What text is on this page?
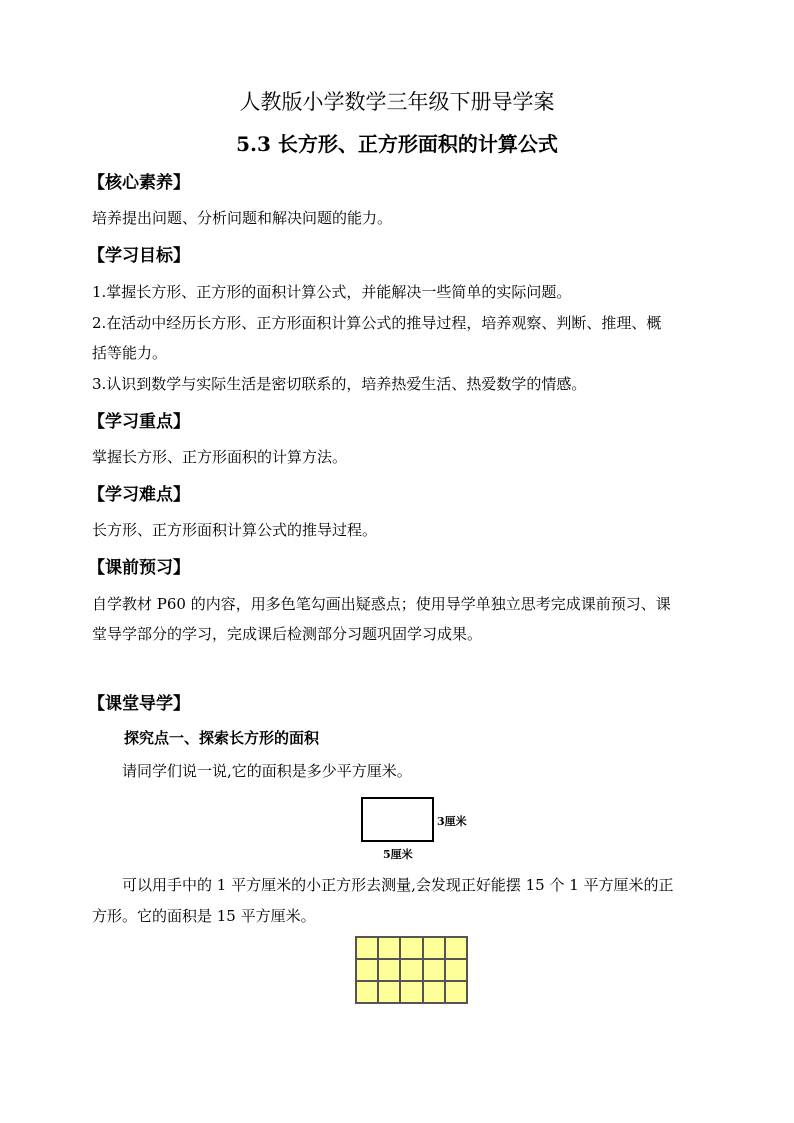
人教版小学数学三年级下册导学案
5.3 长方形、正方形面积的计算公式
【核心素养】
培养提出问题、分析问题和解决问题的能力。
【学习目标】
1.掌握长方形、正方形的面积计算公式，并能解决一些简单的实际问题。
2.在活动中经历长方形、正方形面积计算公式的推导过程，培养观察、判断、推理、概
括等能力。
3.认识到数学与实际生活是密切联系的，培养热爱生活、热爱数学的情感。
【学习重点】
掌握长方形、正方形面积的计算方法。
【学习难点】
长方形、正方形面积计算公式的推导过程。
【课前预习】
自学教材 P60 的内容，用多色笔勾画出疑惑点；使用导学单独立思考完成课前预习、课
堂导学部分的学习，完成课后检测部分习题巩固学习成果。
【课堂导学】
探究点一、探索长方形的面积
请同学们说一说,它的面积是多少平方厘米。
3厘米
5厘米
可以用手中的 1 平方厘米的小正方形去测量,会发现正好能摆 15 个 1 平方厘米的正
方形。它的面积是 15 平方厘米。
